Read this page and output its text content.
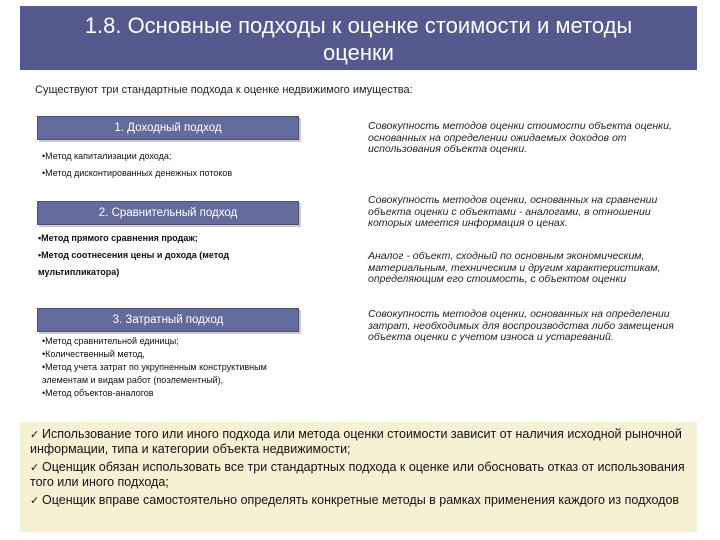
1.8. Основные подходы к оценке стоимости и методы
оценки
Существуют три стандартные подхода к оценке недвижимого имущества:
1. Доходный подход
•Метод капитализации дохода;
•Метод дисконтированных денежных потоков
Совокупность методов оценки стоимости объекта оценки, основанных на определении ожидаемых доходов от использования объекта оценки.
2. Сравнительный подход
•Метод прямого сравнения продаж;
•Метод соотнесения цены и дохода (метод
мультипликатора)
Совокупность методов оценки, основанных на сравнении объекта оценки с объектами - аналогами, в отношении которых имеется информация о ценах.
Аналог - объект, сходный по основным экономическим, материальным, техническим и другим характеристикам, определяющим его стоимость, с объектом оценки
3. Затратный подход
•Метод сравнительной единицы;
•Количественный метод,
•Метод учета затрат по укрупненным конструктивным
элементам и видам работ (поэлементный),
•Метод объектов-аналогов
Совокупность методов оценки, основанных на определении затрат, необходимых для воспроизводства либо замещения объекта оценки с учетом износа и устареваний.
✓ Использование того или иного подхода или метода оценки стоимости зависит от наличия исходной рыночной информации, типа и категории объекта недвижимости;
✓ Оценщик обязан использовать все три стандартных подхода к оценке или обосновать отказ от использования того или иного подхода;
✓ Оценщик вправе самостоятельно определять конкретные методы в рамках применения каждого из подходов
